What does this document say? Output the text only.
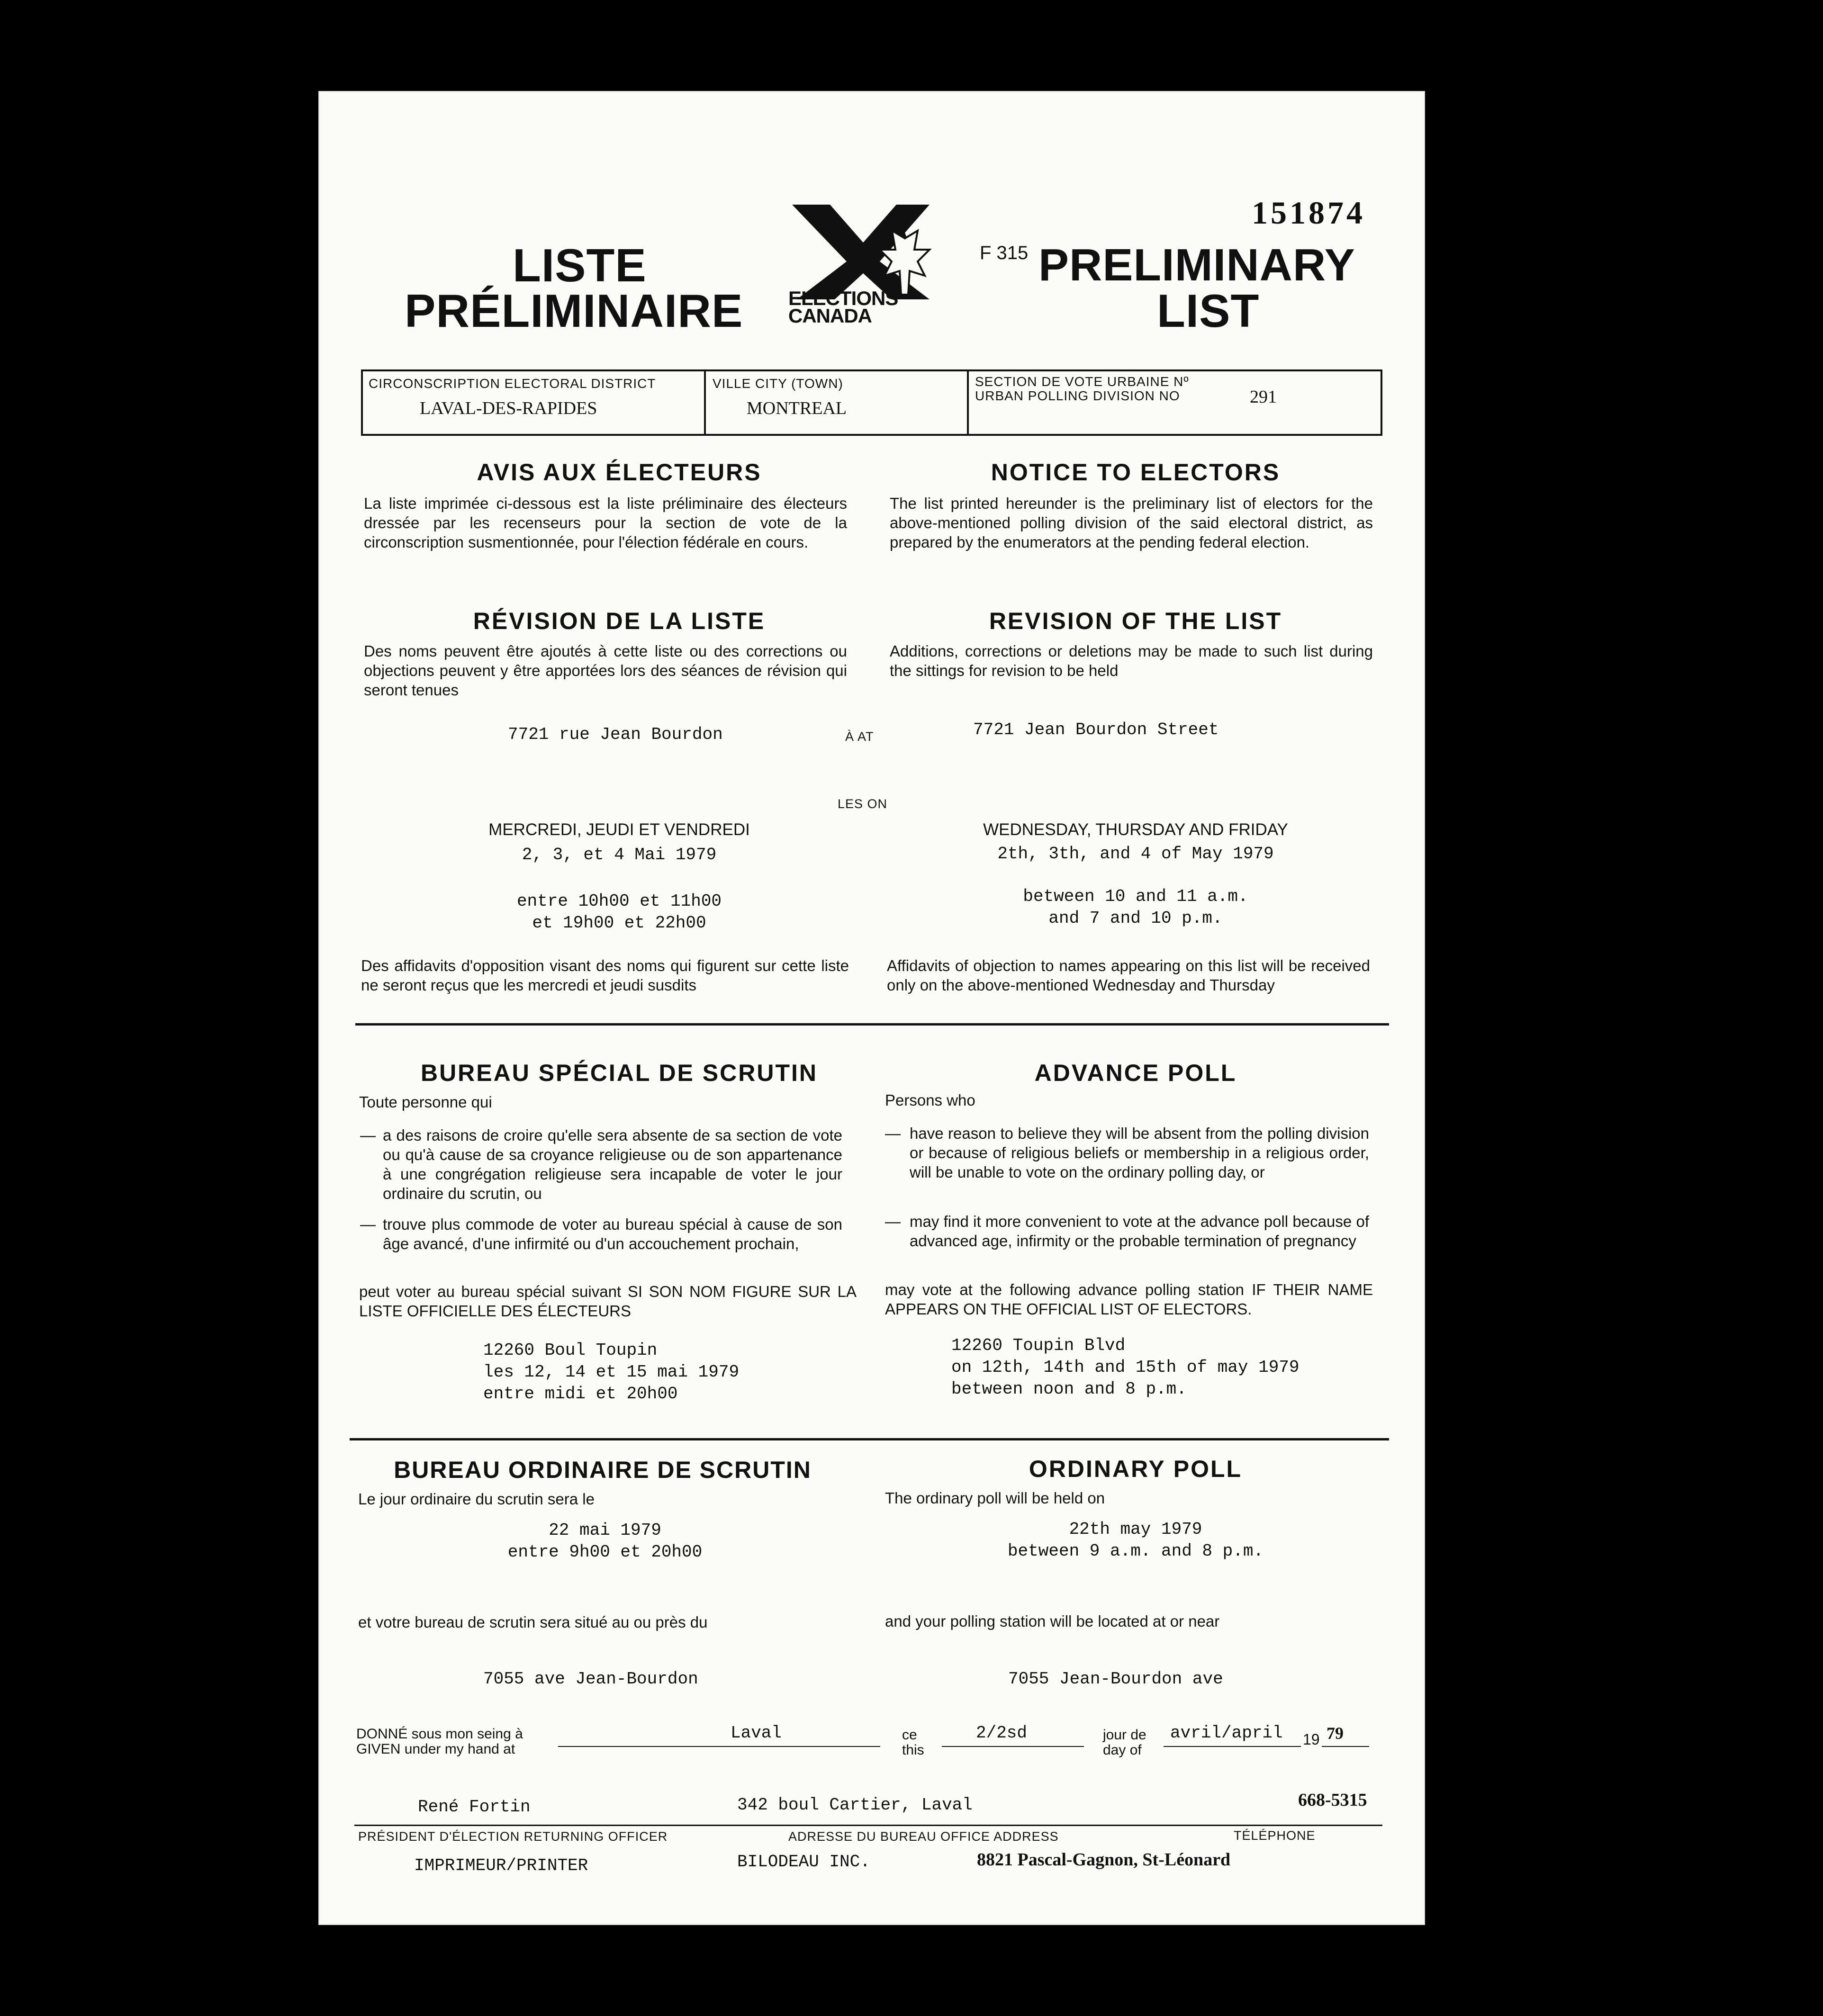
151874
LISTE
PRÉLIMINAIRE ELECTIONS
CANADA
F 315 PRELIMINARY
LIST
CIRCONSCRIPTION ELECTORAL DISTRICT
LAVAL-DES-RAPIDES
VILLE CITY (TOWN)
MONTREAL
SECTION DE VOTE URBAINE Nº
URBAN POLLING DIVISION NO	291
AVIS AUX ÉLECTEURS	NOTICE TO ELECTORS
La liste imprimée ci-dessous est la liste préliminaire des électeurs dressée par les recenseurs pour la section de vote de la circonscription susmentionnée, pour l'élection fédérale en cours.
The list printed hereunder is the preliminary list of electors for the above-mentioned polling division of the said electoral district, as prepared by the enumerators at the pending federal election.
RÉVISION DE LA LISTE	REVISION OF THE LIST
Des noms peuvent être ajoutés à cette liste ou des corrections ou objections peuvent y être apportées lors des séances de révision qui seront tenues
Additions, corrections or deletions may be made to such list during the sittings for revision to be held
7721 rue Jean Bourdon	À AT	7721 Jean Bourdon Street
LES ON
MERCREDI, JEUDI ET VENDREDI
2, 3, et 4 Mai 1979
WEDNESDAY, THURSDAY AND FRIDAY
2th, 3th, and 4 of May 1979
entre 10h00 et 11h00
et 19h00 et 22h00
between 10 and 11 a.m.
and 7 and 10 p.m.
Des affidavits d'opposition visant des noms qui figurent sur cette liste ne seront reçus que les mercredi et jeudi susdits
Affidavits of objection to names appearing on this list will be received only on the above-mentioned Wednesday and Thursday
BUREAU SPÉCIAL DE SCRUTIN	ADVANCE POLL
Toute personne qui	Persons who
— a des raisons de croire qu'elle sera absente de sa section de vote ou qu'à cause de sa croyance religieuse ou de son appartenance à une congrégation religieuse sera incapable de voter le jour ordinaire du scrutin, ou
— trouve plus commode de voter au bureau spécial à cause de son âge avancé, d'une infirmité ou d'un accouchement prochain,
— have reason to believe they will be absent from the polling division or because of religious beliefs or membership in a religious order, will be unable to vote on the ordinary polling day, or
— may find it more convenient to vote at the advance poll because of advanced age, infirmity or the probable termination of pregnancy
peut voter au bureau spécial suivant SI SON NOM FIGURE SUR LA LISTE OFFICIELLE DES ÉLECTEURS
may vote at the following advance polling station IF THEIR NAME APPEARS ON THE OFFICIAL LIST OF ELECTORS.
12260 Boul Toupin
les 12, 14 et 15 mai 1979
entre midi et 20h00
12260 Toupin Blvd
on 12th, 14th and 15th of may 1979
between noon and 8 p.m.
BUREAU ORDINAIRE DE SCRUTIN	ORDINARY POLL
Le jour ordinaire du scrutin sera le	The ordinary poll will be held on
22 mai 1979
entre 9h00 et 20h00
22th may 1979
between 9 a.m. and 8 p.m.
et votre bureau de scrutin sera situé au ou près du	and your polling station will be located at or near
7055 ave Jean-Bourdon	7055 Jean-Bourdon ave
DONNÉ sous mon seing à
GIVEN under my hand at
Laval	ce
this
2/2sd	jour de
day of
avril/april 19 79
René Fortin	342 boul Cartier, Laval	668-5315
PRÉSIDENT D'ÉLECTION RETURNING OFFICER	ADRESSE DU BUREAU OFFICE ADDRESS	TÉLÉPHONE
IMPRIMEUR/PRINTER	BILODEAU INC.	8821 Pascal-Gagnon, St-Léonard
